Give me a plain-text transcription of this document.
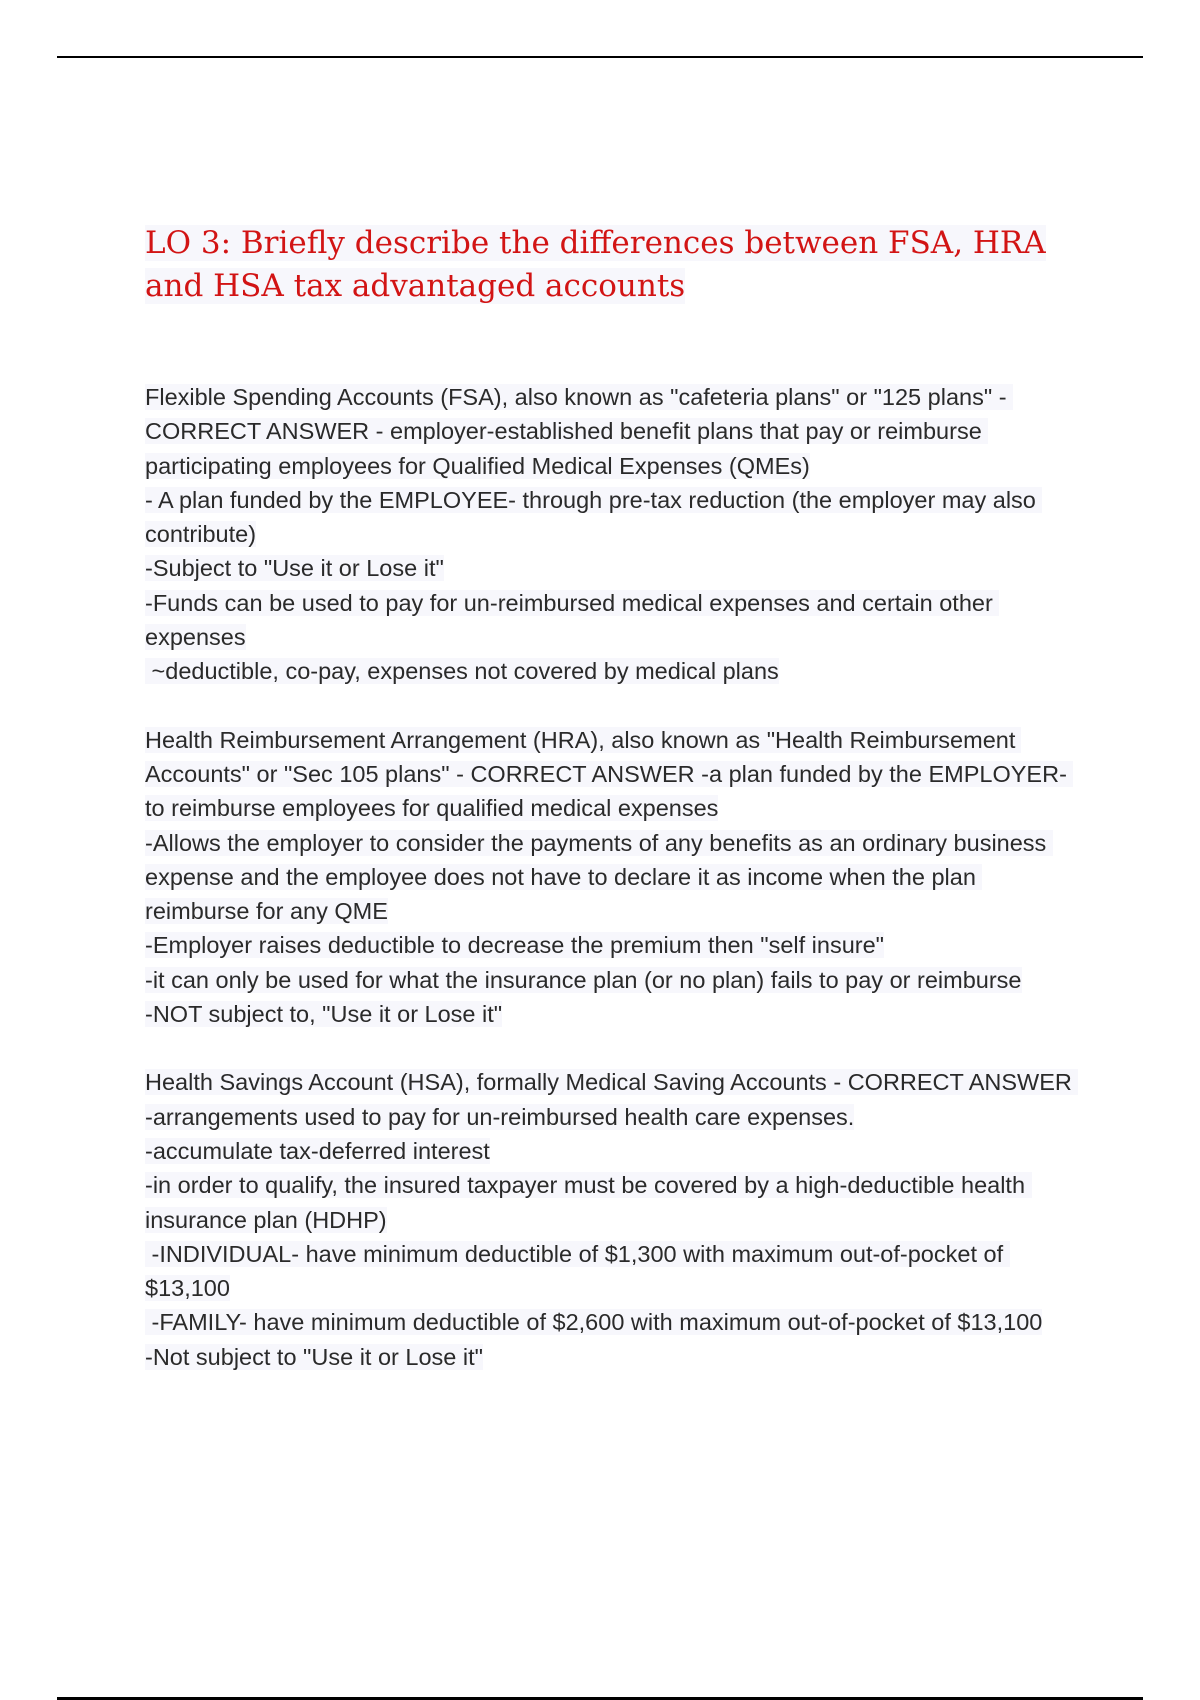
LO 3: Briefly describe the differences between FSA, HRA and HSA tax advantaged accounts

Flexible Spending Accounts (FSA), also known as "cafeteria plans" or "125 plans" - CORRECT ANSWER - employer-established benefit plans that pay or reimburse participating employees for Qualified Medical Expenses (QMEs)

- A plan funded by the EMPLOYEE- through pre-tax reduction (the employer may also contribute)

-Subject to "Use it or Lose it"

-Funds can be used to pay for un-reimbursed medical expenses and certain other expenses

~deductible, co-pay, expenses not covered by medical plans

Health Reimbursement Arrangement (HRA), also known as "Health Reimbursement Accounts" or "Sec 105 plans" - CORRECT ANSWER -a plan funded by the EMPLOYER- to reimburse employees for qualified medical expenses

-Allows the employer to consider the payments of any benefits as an ordinary business expense and the employee does not have to declare it as income when the plan reimburse for any QME

-Employer raises deductible to decrease the premium then "self insure"

-it can only be used for what the insurance plan (or no plan) fails to pay or reimburse

-NOT subject to, "Use it or Lose it"

Health Savings Account (HSA), formally Medical Saving Accounts - CORRECT ANSWER -arrangements used to pay for un-reimbursed health care expenses.

-accumulate tax-deferred interest

-in order to qualify, the insured taxpayer must be covered by a high-deductible health insurance plan (HDHP)

-INDIVIDUAL- have minimum deductible of $1,300 with maximum out-of-pocket of $13,100

-FAMILY- have minimum deductible of $2,600 with maximum out-of-pocket of $13,100

-Not subject to "Use it or Lose it"
